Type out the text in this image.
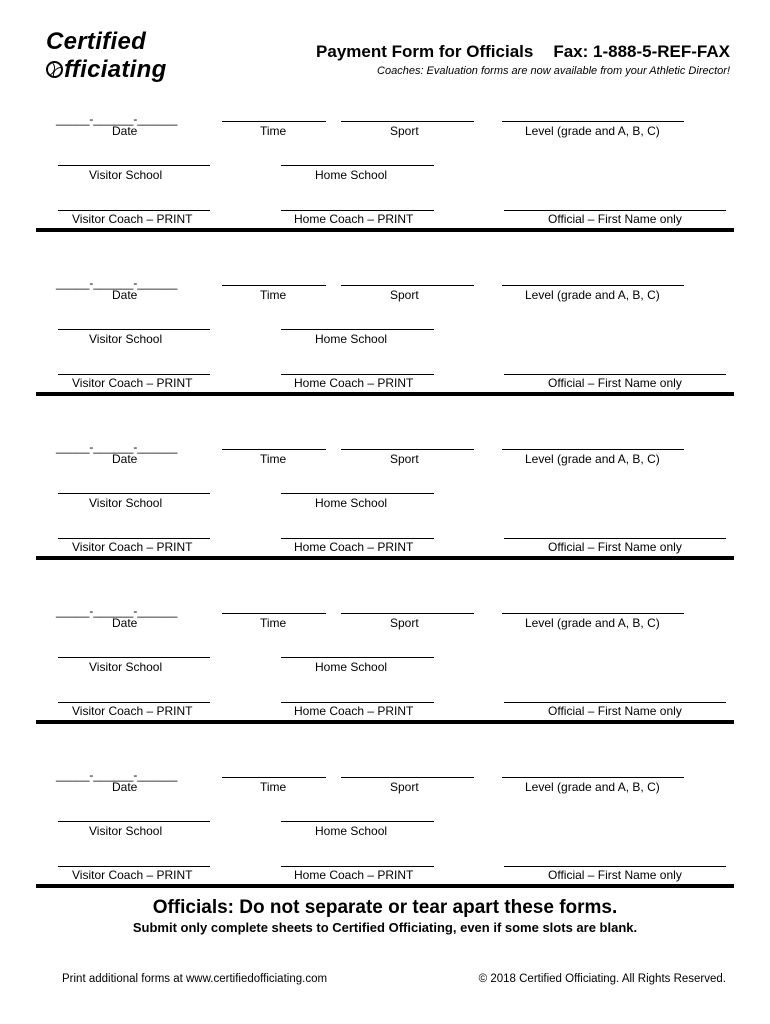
Certified
fficiating
Payment Form for Officials Fax: 1-888-5-REF-FAX
Coaches: Evaluation forms are now available from your Athletic Director!
_____-______-______
Date	Time	Sport	Level (grade and A, B, C)
Visitor School	Home School
Visitor Coach – PRINT	Home Coach – PRINT	Official – First Name only
_____-______-______
Date	Time	Sport	Level (grade and A, B, C)
Visitor School	Home School
Visitor Coach – PRINT	Home Coach – PRINT	Official – First Name only
_____-______-______
Date	Time	Sport	Level (grade and A, B, C)
Visitor School	Home School
Visitor Coach – PRINT	Home Coach – PRINT	Official – First Name only
_____-______-______
Date	Time	Sport	Level (grade and A, B, C)
Visitor School	Home School
Visitor Coach – PRINT	Home Coach – PRINT	Official – First Name only
_____-______-______
Date	Time	Sport	Level (grade and A, B, C)
Visitor School	Home School
Visitor Coach – PRINT	Home Coach – PRINT	Official – First Name only
Officials: Do not separate or tear apart these forms.
Submit only complete sheets to Certified Officiating, even if some slots are blank.
Print additional forms at www.certifiedofficiating.com	© 2018 Certified Officiating. All Rights Reserved.
